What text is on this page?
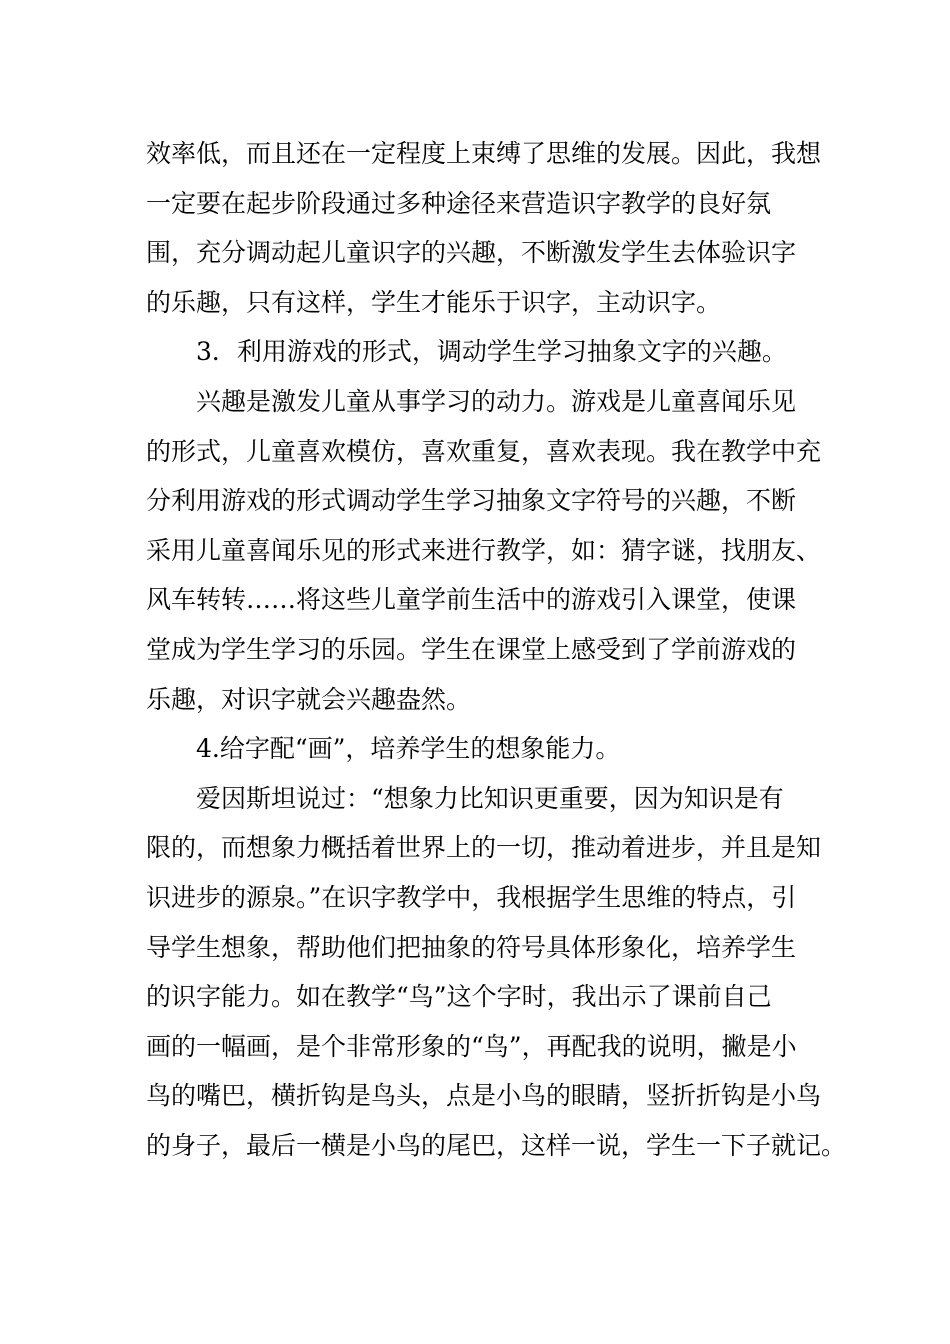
效率低，而且还在一定程度上束缚了思维的发展。因此，我想
一定要在起步阶段通过多种途径来营造识字教学的良好氛
围，充分调动起儿童识字的兴趣，不断激发学生去体验识字
的乐趣，只有这样，学生才能乐于识字，主动识字。
3．利用游戏的形式，调动学生学习抽象文字的兴趣。
兴趣是激发儿童从事学习的动力。游戏是儿童喜闻乐见
的形式，儿童喜欢模仿，喜欢重复，喜欢表现。我在教学中充
分利用游戏的形式调动学生学习抽象文字符号的兴趣，不断
采用儿童喜闻乐见的形式来进行教学，如：猜字谜，找朋友、
风车转转……将这些儿童学前生活中的游戏引入课堂，使课
堂成为学生学习的乐园。学生在课堂上感受到了学前游戏的
乐趣，对识字就会兴趣盎然。
4.给字配“画”，培养学生的想象能力。
爱因斯坦说过：“想象力比知识更重要，因为知识是有
限的，而想象力概括着世界上的一切，推动着进步，并且是知
识进步的源泉。”在识字教学中，我根据学生思维的特点，引
导学生想象，帮助他们把抽象的符号具体形象化，培养学生
的识字能力。如在教学“鸟”这个字时，我出示了课前自己
画的一幅画，是个非常形象的“鸟”，再配我的说明，撇是小
鸟的嘴巴，横折钩是鸟头，点是小鸟的眼睛，竖折折钩是小鸟
的身子，最后一横是小鸟的尾巴，这样一说，学生一下子就记。
